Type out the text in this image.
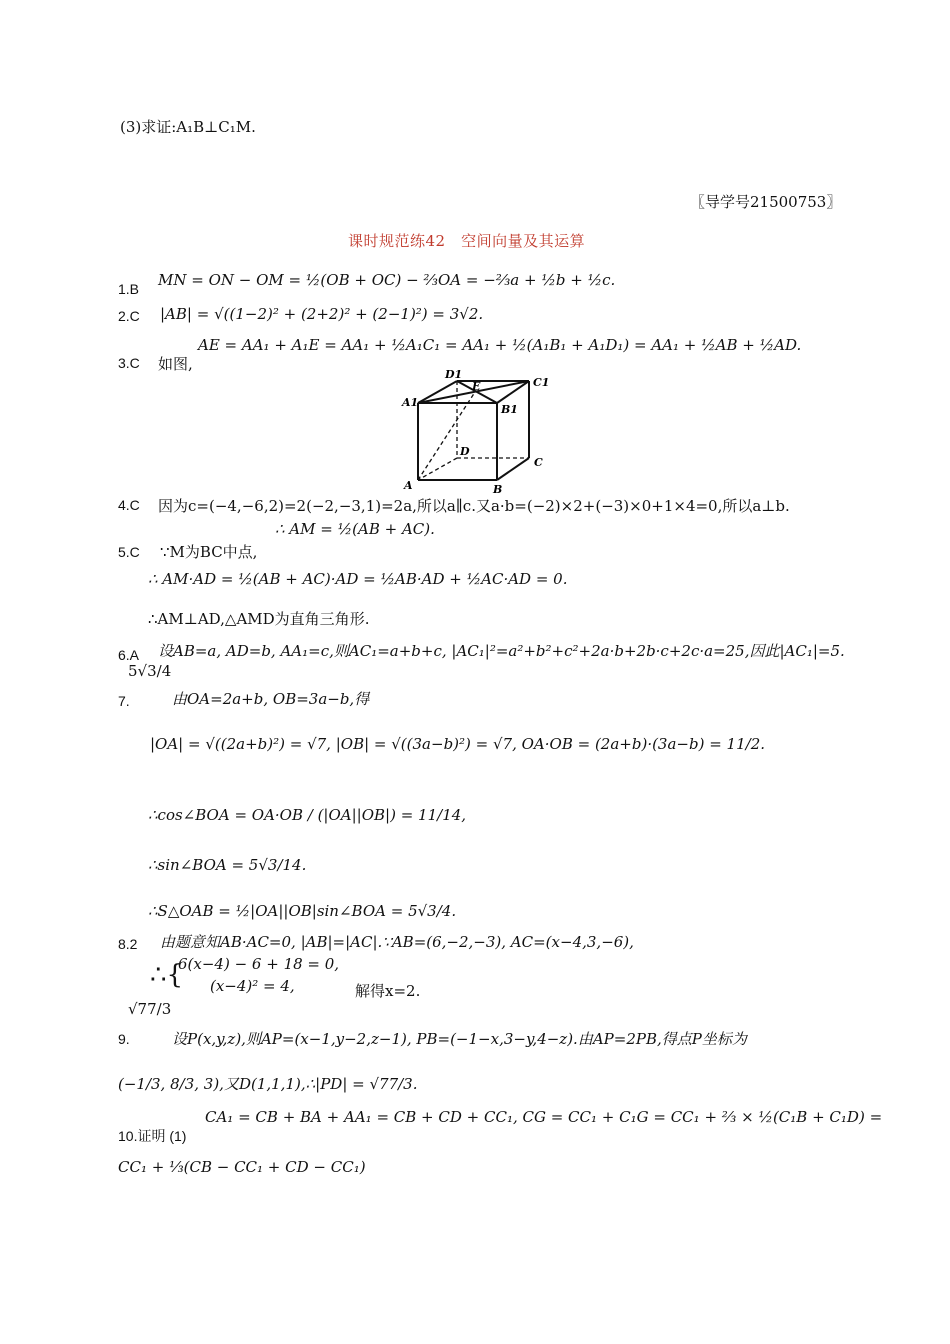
(3)求证:A₁B⊥C₁M.
〖导学号21500753〗
课时规范练42　空间向量及其运算
1.B MN = ON − OM = ½(OB + OC) − ⅔OA = −⅔a + ½b + ½c.
2.C |AB| = √((1−2)² + (2+2)² + (2−1)²) = 3√2.
3.C 如图,
AE = AA₁ + A₁E = AA₁ + ½A₁C₁ = AA₁ + ½(A₁B₁ + A₁D₁) = AA₁ + ½AB + ½AD.
A	B
C
D
A1
B1
C1
D1
E
4.C 因为c=(−4,−6,2)=2(−2,−3,1)=2a,所以a∥c.又a·b=(−2)×2+(−3)×0+1×4=0,所以a⊥b.
∴ AM = ½(AB + AC).
5.C ∵M为BC中点,
∴ AM·AD = ½(AB + AC)·AD = ½AB·AD + ½AC·AD = 0.
∴AM⊥AD,△AMD为直角三角形.
6.A 设AB=a, AD=b, AA₁=c,则AC₁=a+b+c, |AC₁|²=a²+b²+c²+2a·b+2b·c+2c·a=25,因此|AC₁|=5.
5√3/4
7.	由OA=2a+b, OB=3a−b,得
|OA| = √((2a+b)²) = √7, |OB| = √((3a−b)²) = √7, OA·OB = (2a+b)·(3a−b) = 11/2.
∴cos∠BOA = OA·OB / (|OA||OB|) = 11/14,
∴sin∠BOA = 5√3/14.
∴S△OAB = ½|OA||OB|sin∠BOA = 5√3/4.
8.2 由题意知AB·AC=0, |AB|=|AC|.∵AB=(6,−2,−3), AC=(x−4,3,−6),
∴{
6(x−4) − 6 + 18 = 0,
(x−4)² = 4,	解得x=2.
√77/3
9.	设P(x,y,z),则AP=(x−1,y−2,z−1), PB=(−1−x,3−y,4−z).由AP=2PB,得点P坐标为
(−1/3, 8/3, 3),又D(1,1,1),∴|PD| = √77/3.
CA₁ = CB + BA + AA₁ = CB + CD + CC₁, CG = CC₁ + C₁G = CC₁ + ⅔ × ½(C₁B + C₁D) =
10.证明 (1)
CC₁ + ⅓(CB − CC₁ + CD − CC₁)
